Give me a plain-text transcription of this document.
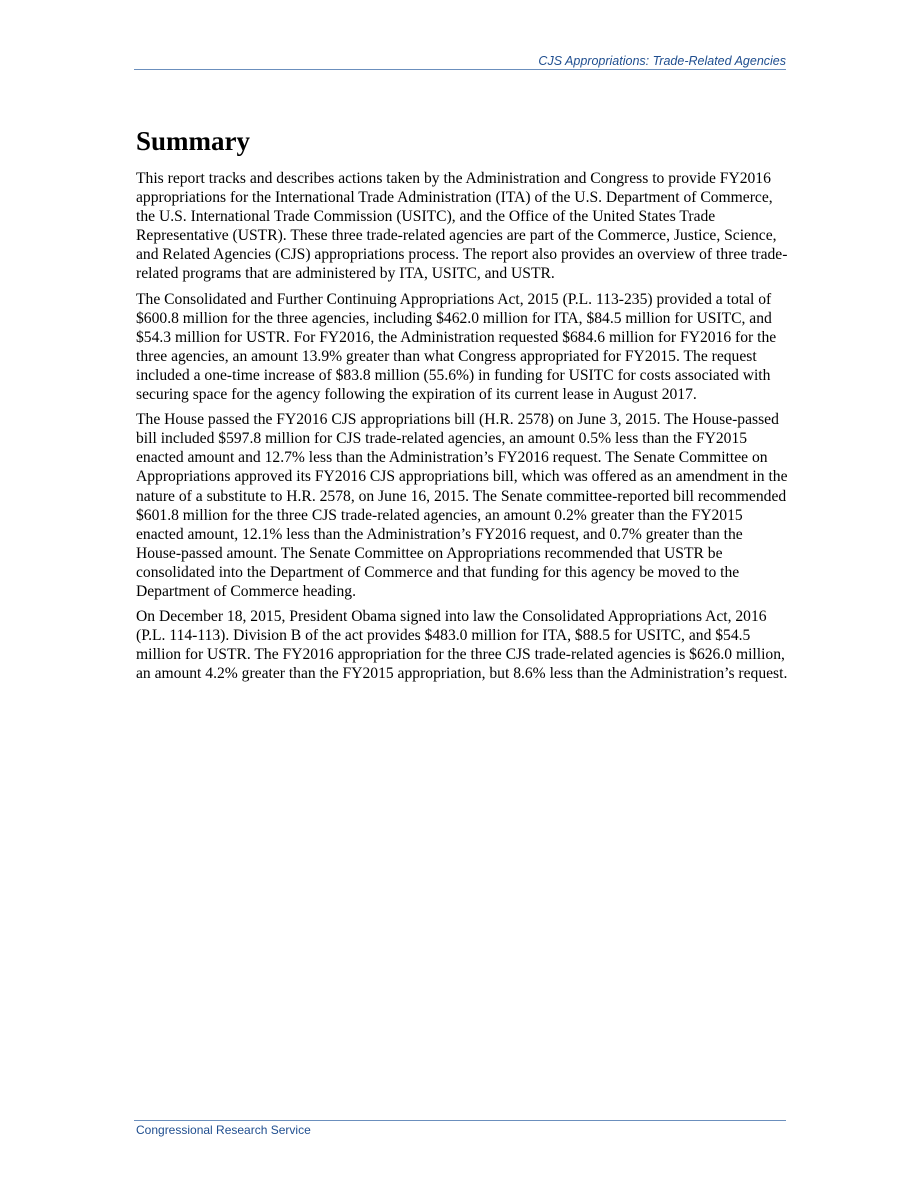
CJS Appropriations: Trade-Related Agencies
Summary

This report tracks and describes actions taken by the Administration and Congress to provide FY2016 appropriations for the International Trade Administration (ITA) of the U.S. Department of Commerce, the U.S. International Trade Commission (USITC), and the Office of the United States Trade Representative (USTR). These three trade-related agencies are part of the Commerce, Justice, Science, and Related Agencies (CJS) appropriations process. The report also provides an overview of three trade-related programs that are administered by ITA, USITC, and USTR.

The Consolidated and Further Continuing Appropriations Act, 2015 (P.L. 113-235) provided a total of $600.8 million for the three agencies, including $462.0 million for ITA, $84.5 million for USITC, and $54.3 million for USTR. For FY2016, the Administration requested $684.6 million for FY2016 for the three agencies, an amount 13.9% greater than what Congress appropriated for FY2015. The request included a one-time increase of $83.8 million (55.6%) in funding for USITC for costs associated with securing space for the agency following the expiration of its current lease in August 2017.

The House passed the FY2016 CJS appropriations bill (H.R. 2578) on June 3, 2015. The House-passed bill included $597.8 million for CJS trade-related agencies, an amount 0.5% less than the FY2015 enacted amount and 12.7% less than the Administration’s FY2016 request. The Senate Committee on Appropriations approved its FY2016 CJS appropriations bill, which was offered as an amendment in the nature of a substitute to H.R. 2578, on June 16, 2015. The Senate committee-reported bill recommended $601.8 million for the three CJS trade-related agencies, an amount 0.2% greater than the FY2015 enacted amount, 12.1% less than the Administration’s FY2016 request, and 0.7% greater than the House-passed amount. The Senate Committee on Appropriations recommended that USTR be consolidated into the Department of Commerce and that funding for this agency be moved to the Department of Commerce heading.

On December 18, 2015, President Obama signed into law the Consolidated Appropriations Act, 2016 (P.L. 114-113). Division B of the act provides $483.0 million for ITA, $88.5 for USITC, and $54.5 million for USTR. The FY2016 appropriation for the three CJS trade-related agencies is $626.0 million, an amount 4.2% greater than the FY2015 appropriation, but 8.6% less than the Administration’s request.

Congressional Research Service
